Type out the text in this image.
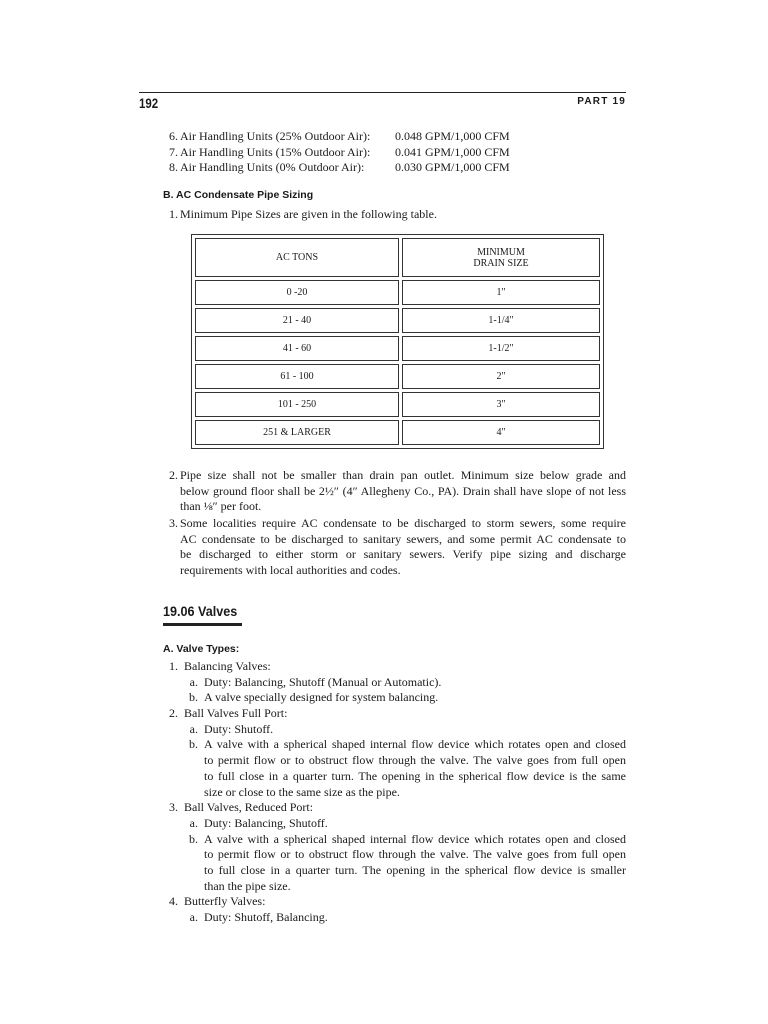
192	PART 19
6. Air Handling Units (25% Outdoor Air): 0.048 GPM/1,000 CFM
7. Air Handling Units (15% Outdoor Air): 0.041 GPM/1,000 CFM
8. Air Handling Units (0% Outdoor Air):	0.030 GPM/1,000 CFM
B. AC Condensate Pipe Sizing
1. Minimum Pipe Sizes are given in the following table.
AC TONS	MINIMUM
DRAIN SIZE
0 -20	1"
21 - 40	1-1/4"
41 - 60	1-1/2"
61 - 100	2"
101 - 250	3"
251 & LARGER	4"
2. Pipe size shall not be smaller than drain pan outlet. Minimum size below grade and
below ground floor shall be 2½″ (4″ Allegheny Co., PA). Drain shall have slope of not less
than ⅛″ per foot.
3. Some localities require AC condensate to be discharged to storm sewers, some require
AC condensate to be discharged to sanitary sewers, and some permit AC condensate to
be discharged to either storm or sanitary sewers. Verify pipe sizing and discharge
requirements with local authorities and codes.
19.06 Valves
A. Valve Types:
1. Balancing Valves:
a. Duty: Balancing, Shutoff (Manual or Automatic).
b. A valve specially designed for system balancing.
2. Ball Valves Full Port:
a. Duty: Shutoff.
b. A valve with a spherical shaped internal flow device which rotates open and closed
to permit flow or to obstruct flow through the valve. The valve goes from full open
to full close in a quarter turn. The opening in the spherical flow device is the same
size or close to the same size as the pipe.
3. Ball Valves, Reduced Port:
a. Duty: Balancing, Shutoff.
b. A valve with a spherical shaped internal flow device which rotates open and closed
to permit flow or to obstruct flow through the valve. The valve goes from full open
to full close in a quarter turn. The opening in the spherical flow device is smaller
than the pipe size.
4. Butterfly Valves:
a. Duty: Shutoff, Balancing.
